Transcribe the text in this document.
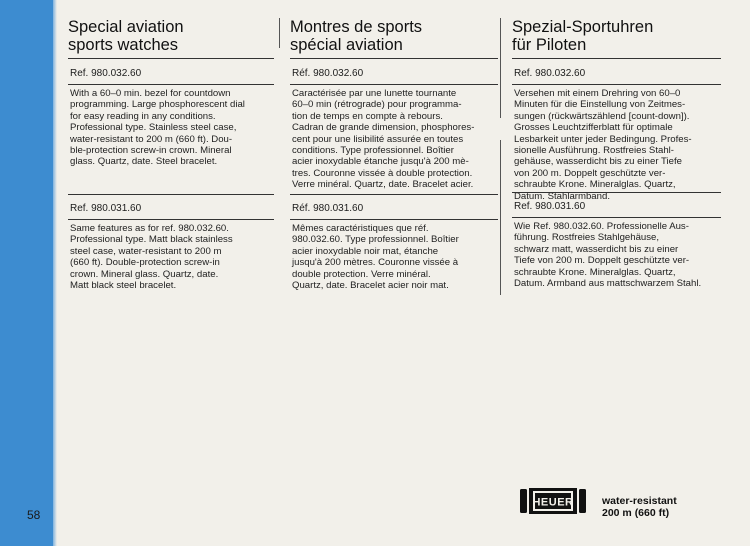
58
Special aviation
sports watches
Ref. 980.032.60

With a 60–0 min. bezel for countdown
programming. Large phosphorescent dial
for easy reading in any conditions.
Professional type. Stainless steel case,
water-resistant to 200 m (660 ft). Dou-
ble-protection screw-in crown. Mineral
glass. Quartz, date. Steel bracelet.

Ref. 980.031.60

Same features as for ref. 980.032.60.
Professional type. Matt black stainless
steel case, water-resistant to 200 m
(660 ft). Double-protection screw-in
crown. Mineral glass. Quartz, date.
Matt black steel bracelet.

Montres de sports
spécial aviation
Réf. 980.032.60

Caractérisée par une lunette tournante
60–0 min (rétrograde) pour programma-
tion de temps en compte à rebours.
Cadran de grande dimension, phosphores-
cent pour une lisibilité assurée en toutes
conditions. Type professionnel. Boîtier
acier inoxydable étanche jusqu'à 200 mè-
tres. Couronne vissée à double protection.
Verre minéral. Quartz, date. Bracelet acier.

Réf. 980.031.60

Mêmes caractéristiques que réf.
980.032.60. Type professionnel. Boîtier
acier inoxydable noir mat, étanche
jusqu'à 200 mètres. Couronne vissée à
double protection. Verre minéral.
Quartz, date. Bracelet acier noir mat.

Spezial-Sportuhren
für Piloten
Ref. 980.032.60

Versehen mit einem Drehring von 60–0
Minuten für die Einstellung von Zeitmes-
sungen (rückwärtszählend [count-down]).
Grosses Leuchtzifferblatt für optimale
Lesbarkeit unter jeder Bedingung. Profes-
sionelle Ausführung. Rostfreies Stahl-
gehäuse, wasserdicht bis zu einer Tiefe
von 200 m. Doppelt geschützte ver-
schraubte Krone. Mineralglas. Quartz,
Datum. Stahlarmband.

Ref. 980.031.60

Wie Ref. 980.032.60. Professionelle Aus-
führung. Rostfreies Stahlgehäuse,
schwarz matt, wasserdicht bis zu einer
Tiefe von 200 m. Doppelt geschützte ver-
schraubte Krone. Mineralglas. Quartz,
Datum. Armband aus mattschwarzem Stahl.

HEUER	water-resistant
200 m (660 ft)
